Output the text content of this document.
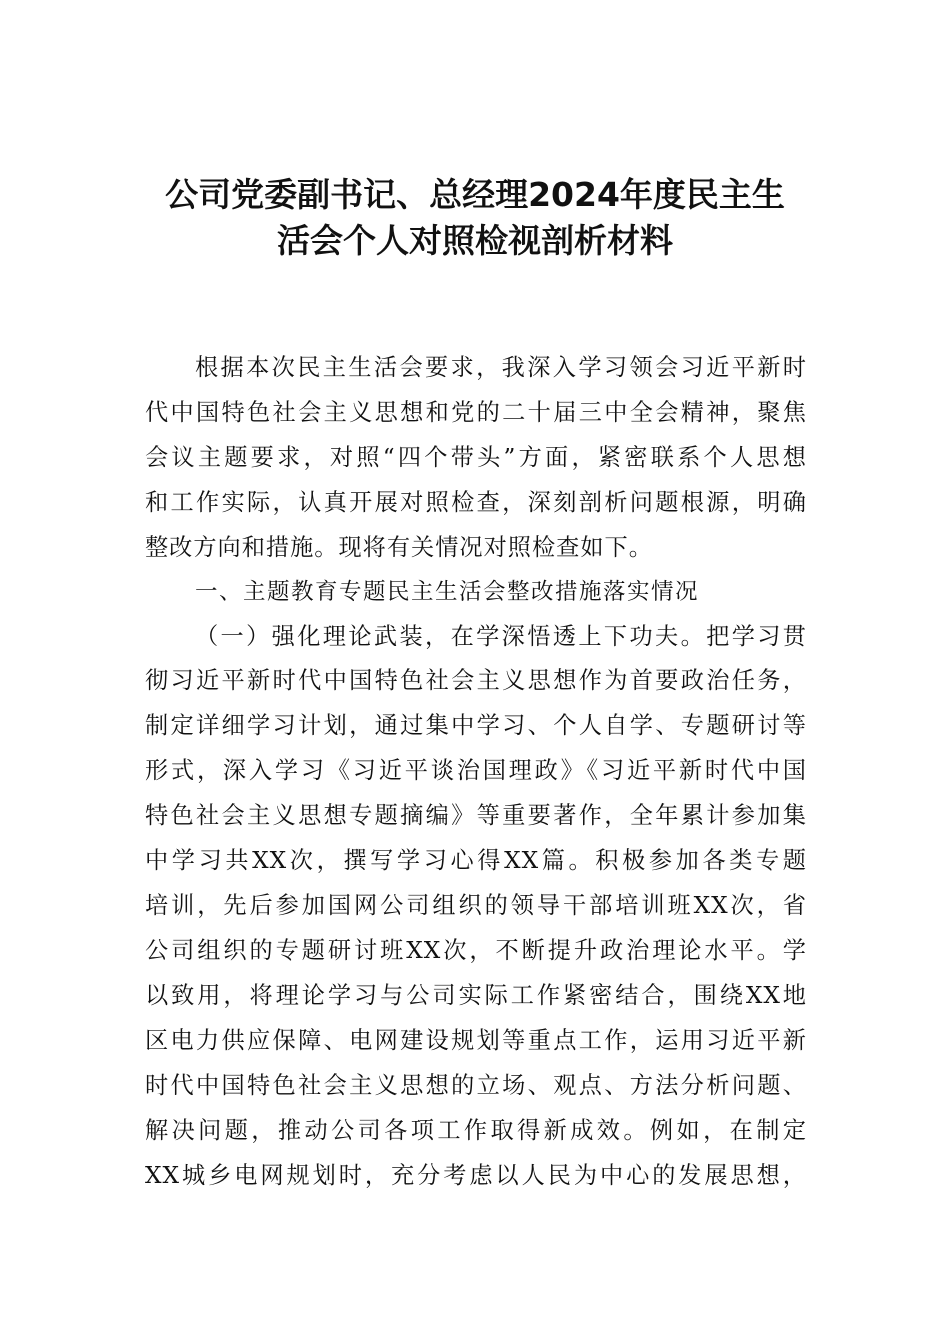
公司党委副书记、总经理2024年度民主生
活会个人对照检视剖析材料
根据本次民主生活会要求，我深入学习领会习近平新时
代中国特色社会主义思想和党的二十届三中全会精神，聚焦
会议主题要求，对照“四个带头”方面，紧密联系个人思想
和工作实际，认真开展对照检查，深刻剖析问题根源，明确
整改方向和措施。现将有关情况对照检查如下。
一、主题教育专题民主生活会整改措施落实情况
（一）强化理论武装，在学深悟透上下功夫。把学习贯
彻习近平新时代中国特色社会主义思想作为首要政治任务，
制定详细学习计划，通过集中学习、个人自学、专题研讨等
形式，深入学习《习近平谈治国理政》《习近平新时代中国
特色社会主义思想专题摘编》等重要著作，全年累计参加集
中学习共XX次，撰写学习心得XX篇。积极参加各类专题
培训，先后参加国网公司组织的领导干部培训班XX次，省
公司组织的专题研讨班XX次，不断提升政治理论水平。学
以致用，将理论学习与公司实际工作紧密结合，围绕XX地
区电力供应保障、电网建设规划等重点工作，运用习近平新
时代中国特色社会主义思想的立场、观点、方法分析问题、
解决问题，推动公司各项工作取得新成效。例如，在制定
XX城乡电网规划时，充分考虑以人民为中心的发展思想，
